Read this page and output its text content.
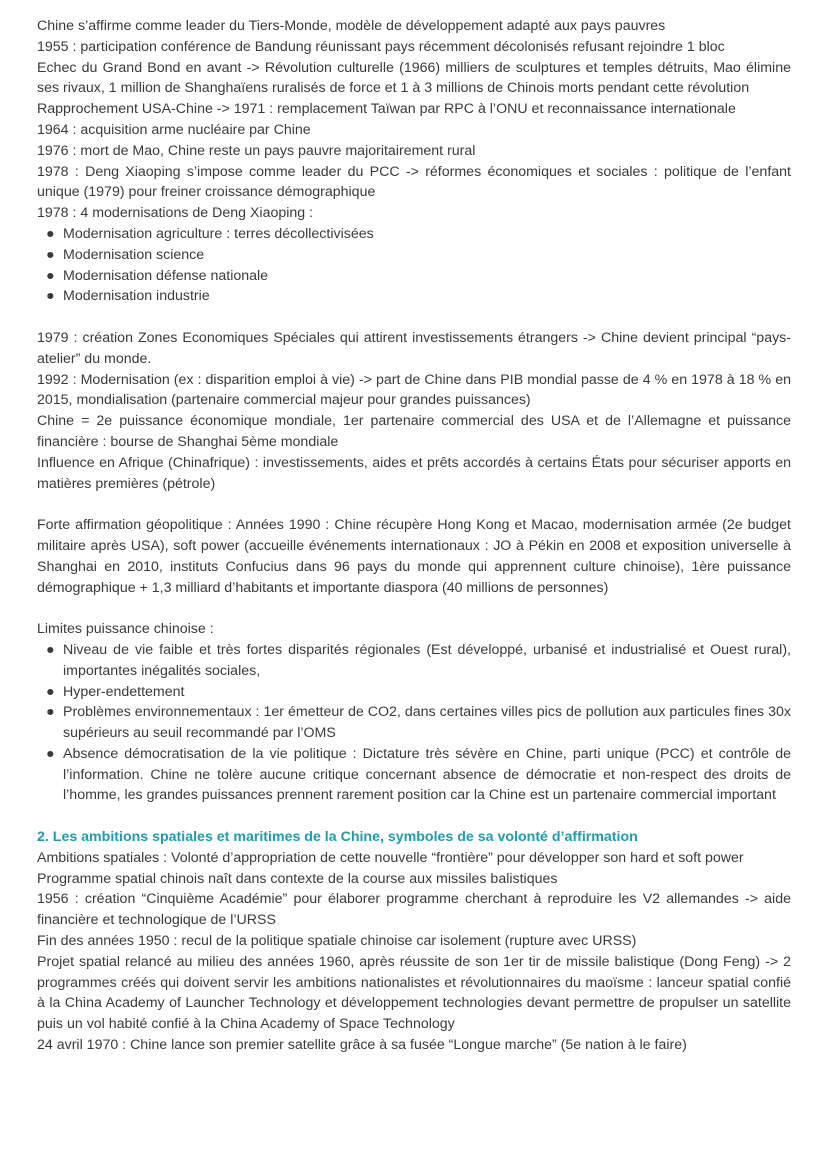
Chine s’affirme comme leader du Tiers-Monde, modèle de développement adapté aux pays pauvres

1955 : participation conférence de Bandung réunissant pays récemment décolonisés refusant rejoindre 1 bloc

Echec du Grand Bond en avant -> Révolution culturelle (1966) milliers de sculptures et temples détruits, Mao élimine ses rivaux, 1 million de Shanghaïens ruralisés de force et 1 à 3 millions de Chinois morts pendant cette révolution

Rapprochement USA-Chine -> 1971 : remplacement Taïwan par RPC à l’ONU et reconnaissance internationale

1964 : acquisition arme nucléaire par Chine

1976 : mort de Mao, Chine reste un pays pauvre majoritairement rural

1978 : Deng Xiaoping s’impose comme leader du PCC -> réformes économiques et sociales : politique de l’enfant unique (1979) pour freiner croissance démographique

1978 : 4 modernisations de Deng Xiaoping :

● Modernisation agriculture : terres décollectivisées
● Modernisation science
● Modernisation défense nationale
● Modernisation industrie

1979 : création Zones Economiques Spéciales qui attirent investissements étrangers -> Chine devient principal “pays-atelier” du monde.

1992 : Modernisation (ex : disparition emploi à vie) -> part de Chine dans PIB mondial passe de 4 % en 1978 à 18 % en 2015, mondialisation (partenaire commercial majeur pour grandes puissances)

Chine = 2e puissance économique mondiale, 1er partenaire commercial des USA et de l’Allemagne et puissance financière : bourse de Shanghai 5ème mondiale

Influence en Afrique (Chinafrique) : investissements, aides et prêts accordés à certains États pour sécuriser apports en matières premières (pétrole)

Forte affirmation géopolitique : Années 1990 : Chine récupère Hong Kong et Macao, modernisation armée (2e budget militaire après USA), soft power (accueille événements internationaux : JO à Pékin en 2008 et exposition universelle à Shanghai en 2010, instituts Confucius dans 96 pays du monde qui apprennent culture chinoise), 1ère puissance démographique + 1,3 milliard d’habitants et importante diaspora (40 millions de personnes)

Limites puissance chinoise :

● Niveau de vie faible et très fortes disparités régionales (Est développé, urbanisé et industrialisé et Ouest rural), importantes inégalités sociales,
● Hyper-endettement
● Problèmes environnementaux : 1er émetteur de CO2, dans certaines villes pics de pollution aux particules fines 30x supérieurs au seuil recommandé par l’OMS
● Absence démocratisation de la vie politique : Dictature très sévère en Chine, parti unique (PCC) et contrôle de l’information. Chine ne tolère aucune critique concernant absence de démocratie et non-respect des droits de l’homme, les grandes puissances prennent rarement position car la Chine est un partenaire commercial important

2. Les ambitions spatiales et maritimes de la Chine, symboles de sa volonté d’affirmation

Ambitions spatiales : Volonté d’appropriation de cette nouvelle “frontière” pour développer son hard et soft power

Programme spatial chinois naît dans contexte de la course aux missiles balistiques

1956 : création “Cinquième Académie” pour élaborer programme cherchant à reproduire les V2 allemandes -> aide financière et technologique de l’URSS

Fin des années 1950 : recul de la politique spatiale chinoise car isolement (rupture avec URSS)

Projet spatial relancé au milieu des années 1960, après réussite de son 1er tir de missile balistique (Dong Feng) -> 2 programmes créés qui doivent servir les ambitions nationalistes et révolutionnaires du maoïsme : lanceur spatial confié à la China Academy of Launcher Technology et développement technologies devant permettre de propulser un satellite puis un vol habité confié à la China Academy of Space Technology

24 avril 1970 : Chine lance son premier satellite grâce à sa fusée “Longue marche” (5e nation à le faire)
